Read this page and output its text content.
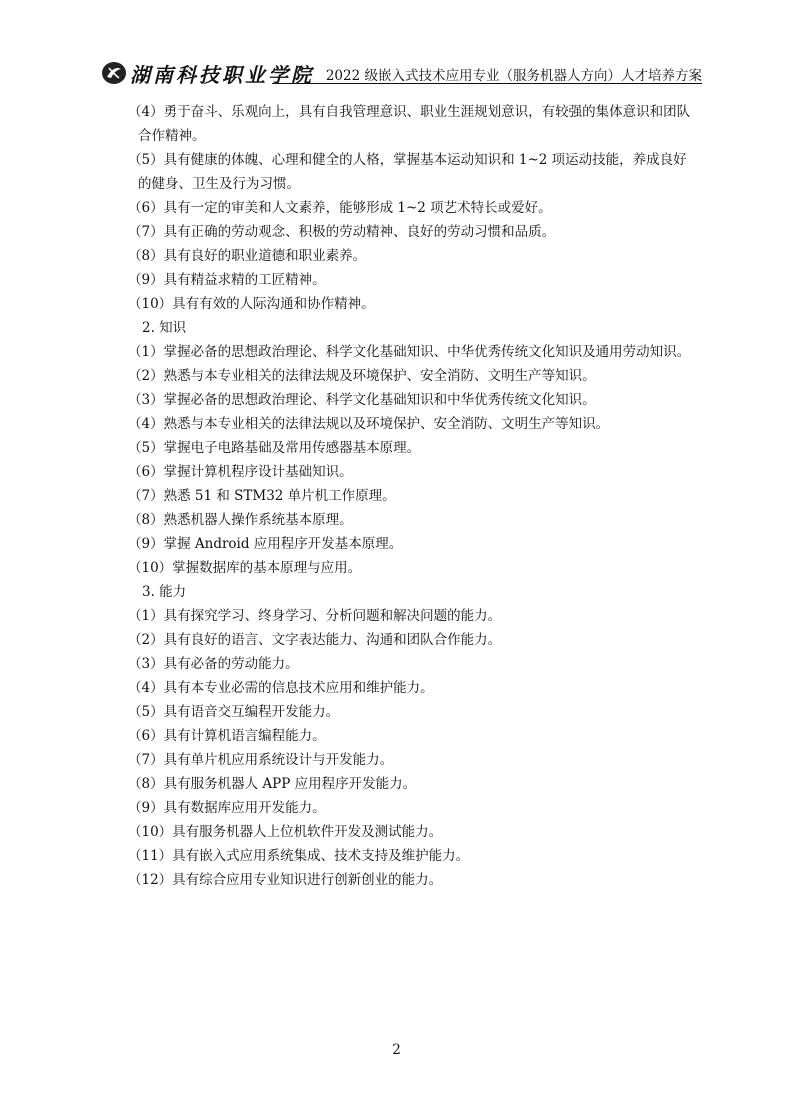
湖南科技职业学院 2022 级嵌入式技术应用专业（服务机器人方向）人才培养方案

（4）勇于奋斗、乐观向上，具有自我管理意识、职业生涯规划意识，有较强的集体意识和团队合作精神。

（5）具有健康的体魄、心理和健全的人格，掌握基本运动知识和 1~2 项运动技能，养成良好的健身、卫生及行为习惯。

（6）具有一定的审美和人文素养，能够形成 1~2 项艺术特长或爱好。

（7）具有正确的劳动观念、积极的劳动精神、良好的劳动习惯和品质。

（8）具有良好的职业道德和职业素养。

（9）具有精益求精的工匠精神。

（10）具有有效的人际沟通和协作精神。

2. 知识

（1）掌握必备的思想政治理论、科学文化基础知识、中华优秀传统文化知识及通用劳动知识。

（2）熟悉与本专业相关的法律法规及环境保护、安全消防、文明生产等知识。

（3）掌握必备的思想政治理论、科学文化基础知识和中华优秀传统文化知识。

（4）熟悉与本专业相关的法律法规以及环境保护、安全消防、文明生产等知识。

（5）掌握电子电路基础及常用传感器基本原理。

（6）掌握计算机程序设计基础知识。

（7）熟悉 51 和 STM32 单片机工作原理。

（8）熟悉机器人操作系统基本原理。

（9）掌握 Android 应用程序开发基本原理。

（10）掌握数据库的基本原理与应用。

3. 能力

（1）具有探究学习、终身学习、分析问题和解决问题的能力。

（2）具有良好的语言、文字表达能力、沟通和团队合作能力。

（3）具有必备的劳动能力。

（4）具有本专业必需的信息技术应用和维护能力。

（5）具有语音交互编程开发能力。

（6）具有计算机语言编程能力。

（7）具有单片机应用系统设计与开发能力。

（8）具有服务机器人 APP 应用程序开发能力。

（9）具有数据库应用开发能力。

（10）具有服务机器人上位机软件开发及测试能力。

（11）具有嵌入式应用系统集成、技术支持及维护能力。

（12）具有综合应用专业知识进行创新创业的能力。

2
